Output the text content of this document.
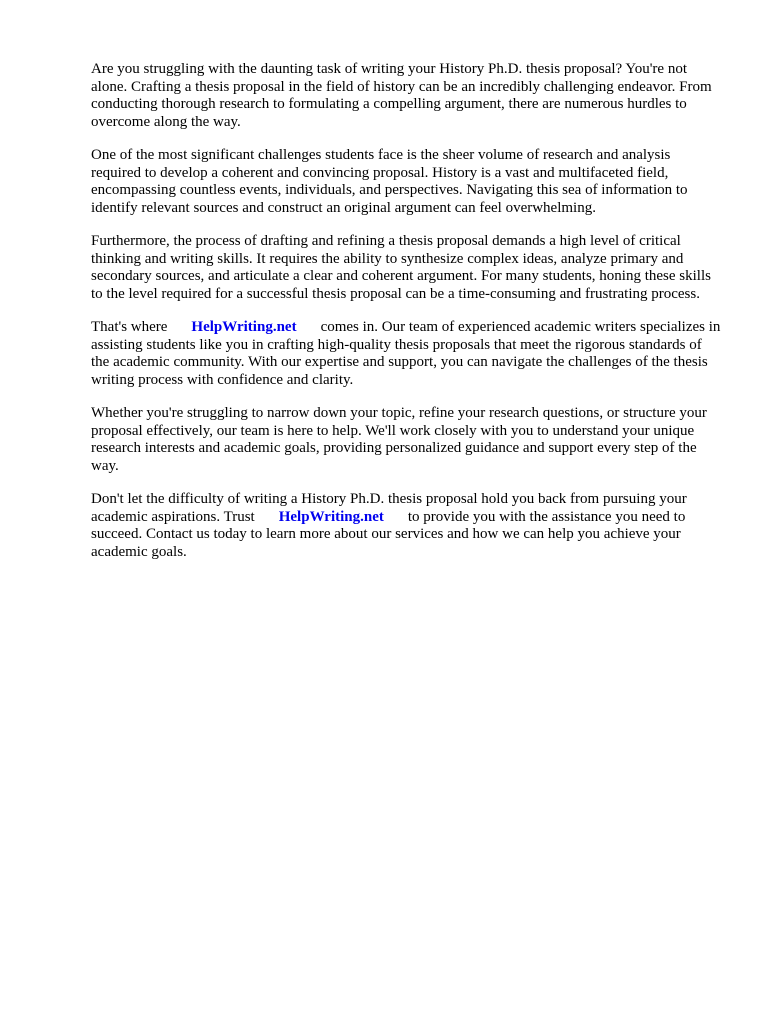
Are you struggling with the daunting task of writing your History Ph.D. thesis proposal? You're not alone. Crafting a thesis proposal in the field of history can be an incredibly challenging endeavor. From conducting thorough research to formulating a compelling argument, there are numerous hurdles to overcome along the way.

One of the most significant challenges students face is the sheer volume of research and analysis required to develop a coherent and convincing proposal. History is a vast and multifaceted field, encompassing countless events, individuals, and perspectives. Navigating this sea of information to identify relevant sources and construct an original argument can feel overwhelming.

Furthermore, the process of drafting and refining a thesis proposal demands a high level of critical thinking and writing skills. It requires the ability to synthesize complex ideas, analyze primary and secondary sources, and articulate a clear and coherent argument. For many students, honing these skills to the level required for a successful thesis proposal can be a time-consuming and frustrating process.

That's where HelpWriting.net comes in. Our team of experienced academic writers specializes in assisting students like you in crafting high-quality thesis proposals that meet the rigorous standards of the academic community. With our expertise and support, you can navigate the challenges of the thesis writing process with confidence and clarity.

Whether you're struggling to narrow down your topic, refine your research questions, or structure your proposal effectively, our team is here to help. We'll work closely with you to understand your unique research interests and academic goals, providing personalized guidance and support every step of the way.

Don't let the difficulty of writing a History Ph.D. thesis proposal hold you back from pursuing your academic aspirations. Trust HelpWriting.net to provide you with the assistance you need to succeed. Contact us today to learn more about our services and how we can help you achieve your academic goals.
